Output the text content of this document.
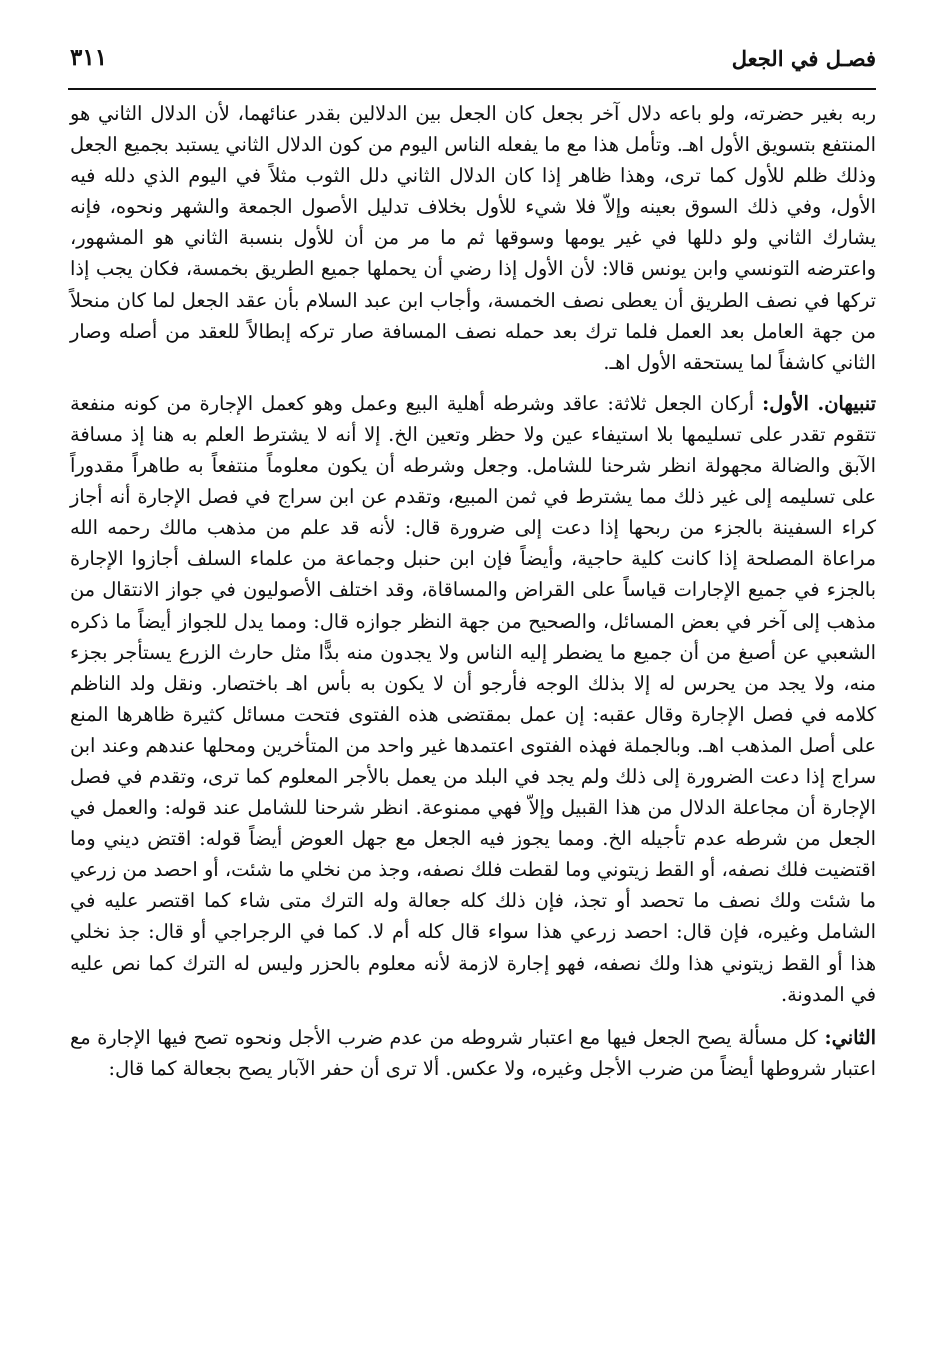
٣١١	فصـل في الجعل

ربه بغير حضرته، ولو باعه دلال آخر بجعل كان الجعل بين الدلالين بقدر عنائهما، لأن الدلال الثاني هو المنتفع بتسويق الأول اهـ. وتأمل هذا مع ما يفعله الناس اليوم من كون الدلال الثاني يستبد بجميع الجعل وذلك ظلم للأول كما ترى، وهذا ظاهر إذا كان الدلال الثاني دلل الثوب مثلاً في اليوم الذي دلله فيه الأول، وفي ذلك السوق بعينه وإلاّ فلا شيء للأول بخلاف تدليل الأصول الجمعة والشهر ونحوه، فإنه يشارك الثاني ولو دللها في غير يومها وسوقها ثم ما مر من أن للأول بنسبة الثاني هو المشهور، واعترضه التونسي وابن يونس قالا: لأن الأول إذا رضي أن يحملها جميع الطريق بخمسة، فكان يجب إذا تركها في نصف الطريق أن يعطى نصف الخمسة، وأجاب ابن عبد السلام بأن عقد الجعل لما كان منحلاً من جهة العامل بعد العمل فلما ترك بعد حمله نصف المسافة صار تركه إبطالاً للعقد من أصله وصار الثاني كاشفاً لما يستحقه الأول اهـ.

تنبيهان. الأول: أركان الجعل ثلاثة: عاقد وشرطه أهلية البيع وعمل وهو كعمل الإجارة من كونه منفعة تتقوم تقدر على تسليمها بلا استيفاء عين ولا حظر وتعين الخ. إلا أنه لا يشترط العلم به هنا إذ مسافة الآبق والضالة مجهولة انظر شرحنا للشامل. وجعل وشرطه أن يكون معلوماً منتفعاً به طاهراً مقدوراً على تسليمه إلى غير ذلك مما يشترط في ثمن المبيع، وتقدم عن ابن سراج في فصل الإجارة أنه أجاز كراء السفينة بالجزء من ربحها إذا دعت إلى ضرورة قال: لأنه قد علم من مذهب مالك رحمه الله مراعاة المصلحة إذا كانت كلية حاجية، وأيضاً فإن ابن حنبل وجماعة من علماء السلف أجازوا الإجارة بالجزء في جميع الإجارات قياساً على القراض والمساقاة، وقد اختلف الأصوليون في جواز الانتقال من مذهب إلى آخر في بعض المسائل، والصحيح من جهة النظر جوازه قال: ومما يدل للجواز أيضاً ما ذكره الشعبي عن أصبغ من أن جميع ما يضطر إليه الناس ولا يجدون منه بدًّا مثل حارث الزرع يستأجر بجزء منه، ولا يجد من يحرس له إلا بذلك الوجه فأرجو أن لا يكون به بأس اهـ باختصار. ونقل ولد الناظم كلامه في فصل الإجارة وقال عقبه: إن عمل بمقتضى هذه الفتوى فتحت مسائل كثيرة ظاهرها المنع على أصل المذهب اهـ. وبالجملة فهذه الفتوى اعتمدها غير واحد من المتأخرين ومحلها عندهم وعند ابن سراج إذا دعت الضرورة إلى ذلك ولم يجد في البلد من يعمل بالأجر المعلوم كما ترى، وتقدم في فصل الإجارة أن مجاعلة الدلال من هذا القبيل وإلاّ فهي ممنوعة. انظر شرحنا للشامل عند قوله: والعمل في الجعل من شرطه عدم تأجيله الخ. ومما يجوز فيه الجعل مع جهل العوض أيضاً قوله: اقتض ديني وما اقتضيت فلك نصفه، أو القط زيتوني وما لقطت فلك نصفه، وجذ من نخلي ما شئت، أو احصد من زرعي ما شئت ولك نصف ما تحصد أو تجذ، فإن ذلك كله جعالة وله الترك متى شاء كما اقتصر عليه في الشامل وغيره، فإن قال: احصد زرعي هذا سواء قال كله أم لا. كما في الرجراجي أو قال: جذ نخلي هذا أو القط زيتوني هذا ولك نصفه، فهو إجارة لازمة لأنه معلوم بالحزر وليس له الترك كما نص عليه في المدونة.

الثاني: كل مسألة يصح الجعل فيها مع اعتبار شروطه من عدم ضرب الأجل ونحوه تصح فيها الإجارة مع اعتبار شروطها أيضاً من ضرب الأجل وغيره، ولا عكس. ألا ترى أن حفر الآبار يصح بجعالة كما قال:
